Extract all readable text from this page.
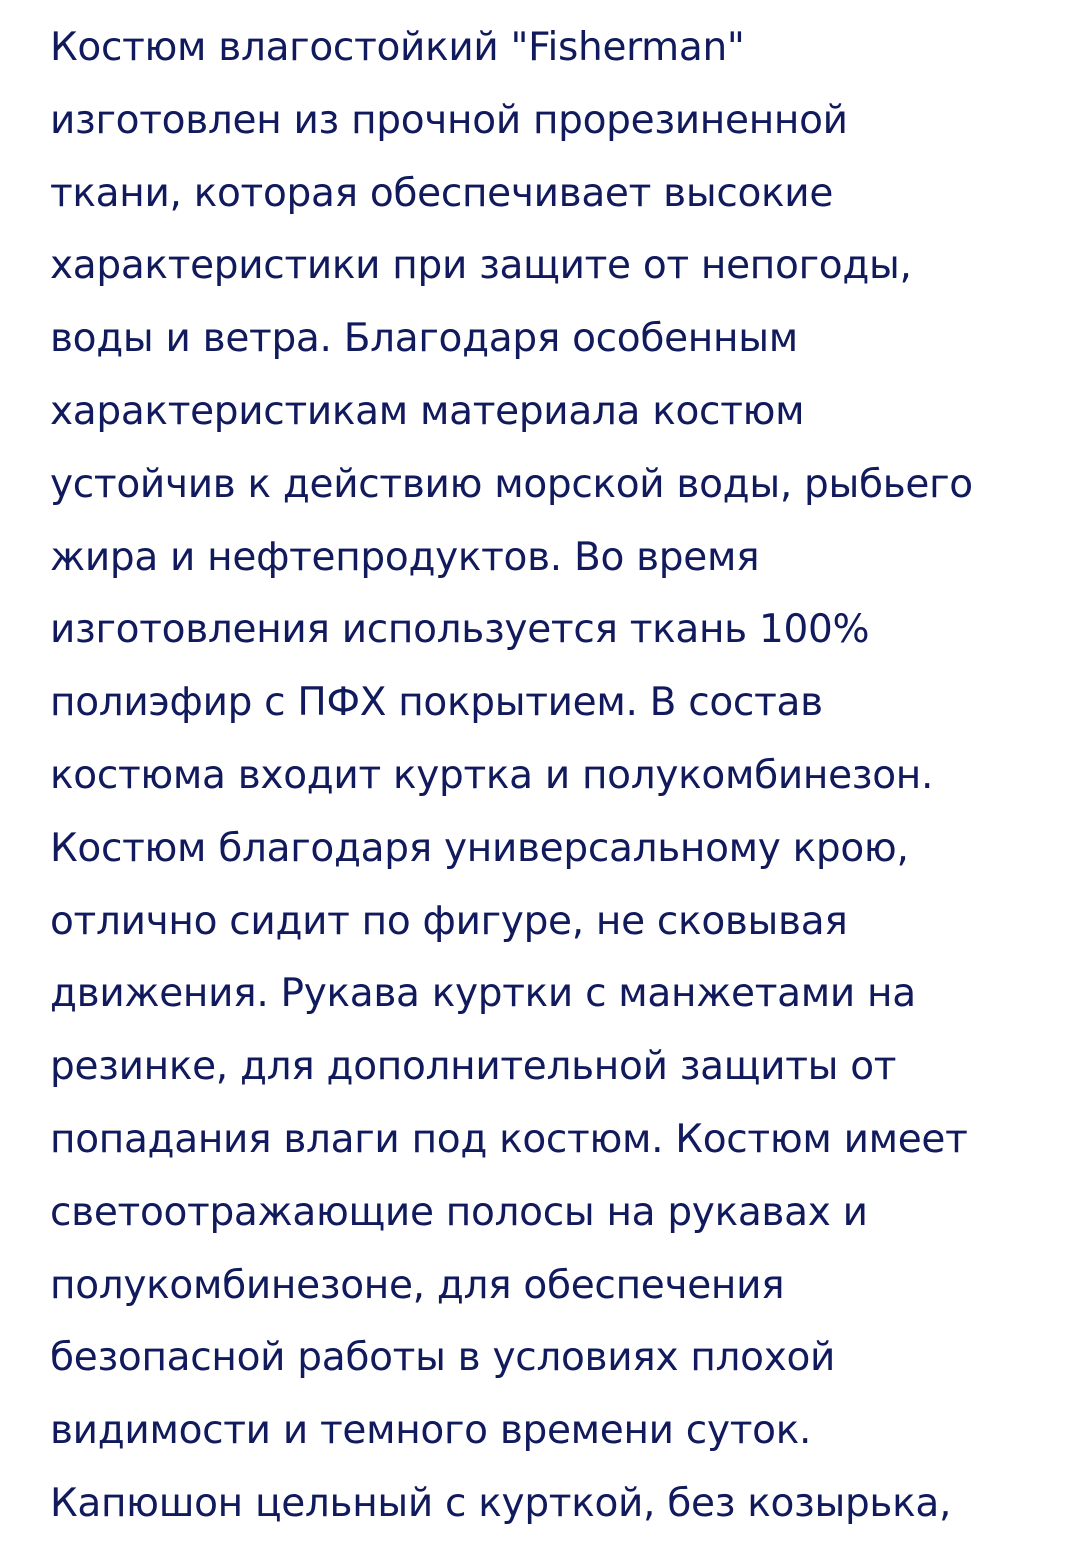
Костюм влагостойкий "Fisherman"
изготовлен из прочной прорезиненной
ткани, которая обеспечивает высокие
характеристики при защите от непогоды,
воды и ветра. Благодаря особенным
характеристикам материала костюм
устойчив к действию морской воды, рыбьего
жира и нефтепродуктов. Во время
изготовления используется ткань 100%
полиэфир с ПФХ покрытием. В состав
костюма входит куртка и полукомбинезон.
Костюм благодаря универсальному крою,
отлично сидит по фигуре, не сковывая
движения. Рукава куртки с манжетами на
резинке, для дополнительной защиты от
попадания влаги под костюм. Костюм имеет
светоотражающие полосы на рукавах и
полукомбинезоне, для обеспечения
безопасной работы в условиях плохой
видимости и темного времени суток.
Капюшон цельный с курткой, без козырька,
